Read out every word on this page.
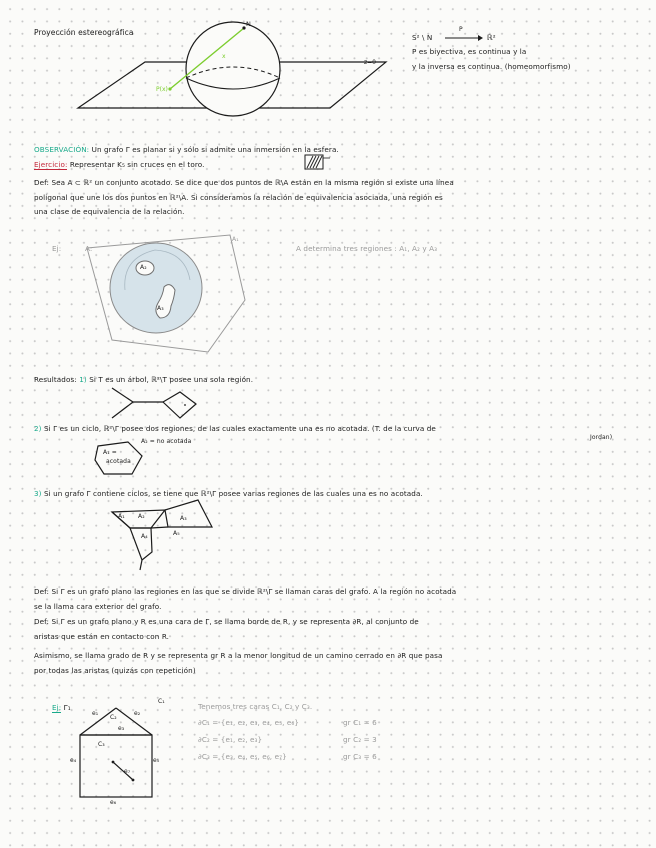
Proyección estereográfica
N
x
P(x)
z=0
S² \ N
P
ℝ²
P es biyectiva, es continua y la
y la inversa es continua. (homeomorfismo)
OBSERVACIÓN: Un grafo Γ es planar si y sólo si admite una inmersión en la esfera.
Ejercicio: Representar K₅ sin cruces en el toro.
Def: Sea A ⊂ ℝ² un conjunto acotado. Se dice que dos puntos de ℝ\A están en la misma región si existe una línea
poligonal que une los dos puntos en ℝ²\A. Si consideramos la relación de equivalencia asociada, una región es
una clase de equivalencia de la relación.
Ej:	A:
A₁
A₂
A₃
A determina tres regiones : A₁, A₂ y A₃
Resultados: 1) Si T es un árbol, ℝ²\T posee una sola región.
2) Si Γ es un ciclo, ℝ²\Γ posee dos regiones, de las cuales exactamente una es no acotada. (T. de la curva de
Jordan)
A₂ = no acotada
A₁ =
acotada
3) Si un grafo Γ contiene ciclos, se tiene que ℝ²\Γ posee varias regiones de las cuales una es no acotada.
A₁ A₂
A₄
A₃
A₅
Def: Si Γ es un grafo plano las regiones en las que se divide ℝ²\Γ se llaman caras del grafo. A la región no acotada
se la llama cara exterior del grafo.
Def: Si Γ es un grafo plano y R es una cara de Γ, se llama borde de R, y se representa ∂R, al conjunto de
aristas que están en contacto con R.
Asimismo, se llama grado de R y se representa gr R a la menor longitud de un camino cerrado en ∂R que pasa
por todas las aristas (quizás con repetición)
Ej: Γ₁
C₁
C₂
C₃
e₁	e₂
e₃
e₄	e₅
e₆
e₇
Tenemos tres caras C₁, C₂ y C₃.
∂C₁ = {e₁, e₂, e₃, e₄, e₅, e₆}	gr C₁ = 6
∂C₂ = {e₁, e₂, e₃}	gr C₂ = 3
∂C₃ = {e₃, e₄, e₅, e₆, e₇}	gr C₃ = 6
